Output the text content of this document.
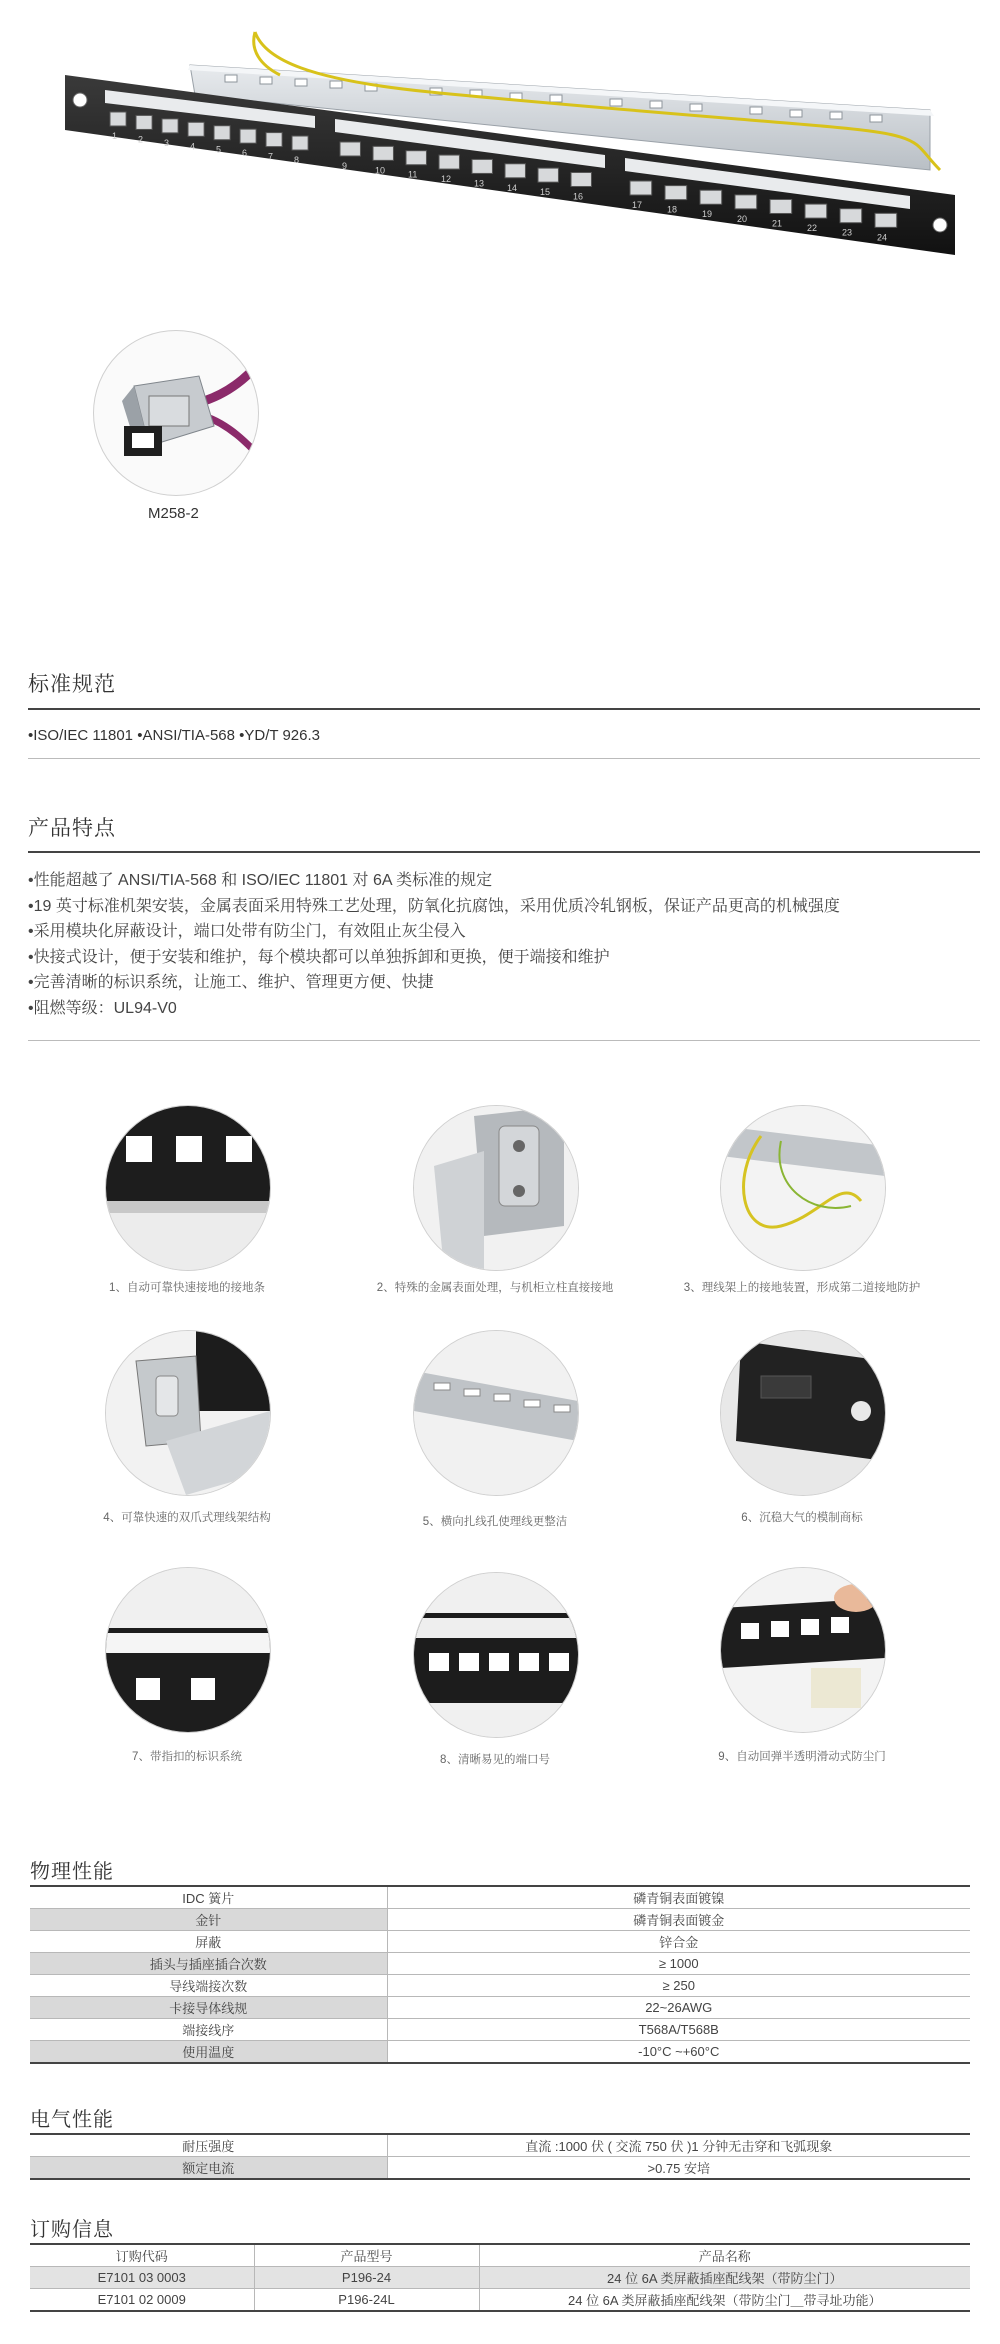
1 2 3 4 5 6 7 8
9	10	11	12	13	14	15	16
17	18	19	20	21	22	23	24
M258-2
标准规范
•ISO/IEC 11801 •ANSI/TIA-568 •YD/T 926.3
产品特点
• 性能超越了 ANSI/TIA-568 和 ISO/IEC 11801 对 6A 类标准的规定
• 19 英寸标准机架安装，金属表面采用特殊工艺处理，防氧化抗腐蚀，采用优质冷轧钢板，保证产品更高的机械强度
• 采用模块化屏蔽设计，端口处带有防尘门，有效阻止灰尘侵入
• 快接式设计，便于安装和维护，每个模块都可以单独拆卸和更换，便于端接和维护
• 完善清晰的标识系统，让施工、维护、管理更方便、快捷
• 阻燃等级：UL94-V0
1、自动可靠快速接地的接地条	2、特殊的金属表面处理，与机柜立柱直接接地	3、理线架上的接地装置，形成第二道接地防护
4、可靠快速的双爪式理线架结构	5、横向扎线孔使理线更整洁	6、沉稳大气的模制商标
7、带指扣的标识系统	8、清晰易见的端口号	9、自动回弹半透明滑动式防尘门
物理性能
IDC 簧片	磷青铜表面镀镍
金针	磷青铜表面镀金
屏蔽	锌合金
插头与插座插合次数	≥ 1000
导线端接次数	≥ 250
卡接导体线规	22~26AWG
端接线序	T568A/T568B
使用温度	-10°C ~+60°C
电气性能
耐压强度	直流 :1000 伏 ( 交流 750 伏 )1 分钟无击穿和飞弧现象
额定电流	>0.75 安培
订购信息
订购代码	产品型号	产品名称
E7101 03 0003	P196-24	24 位 6A 类屏蔽插座配线架（带防尘门）
E7101 02 0009	P196-24L	24 位 6A 类屏蔽插座配线架（带防尘门＿带寻址功能）
